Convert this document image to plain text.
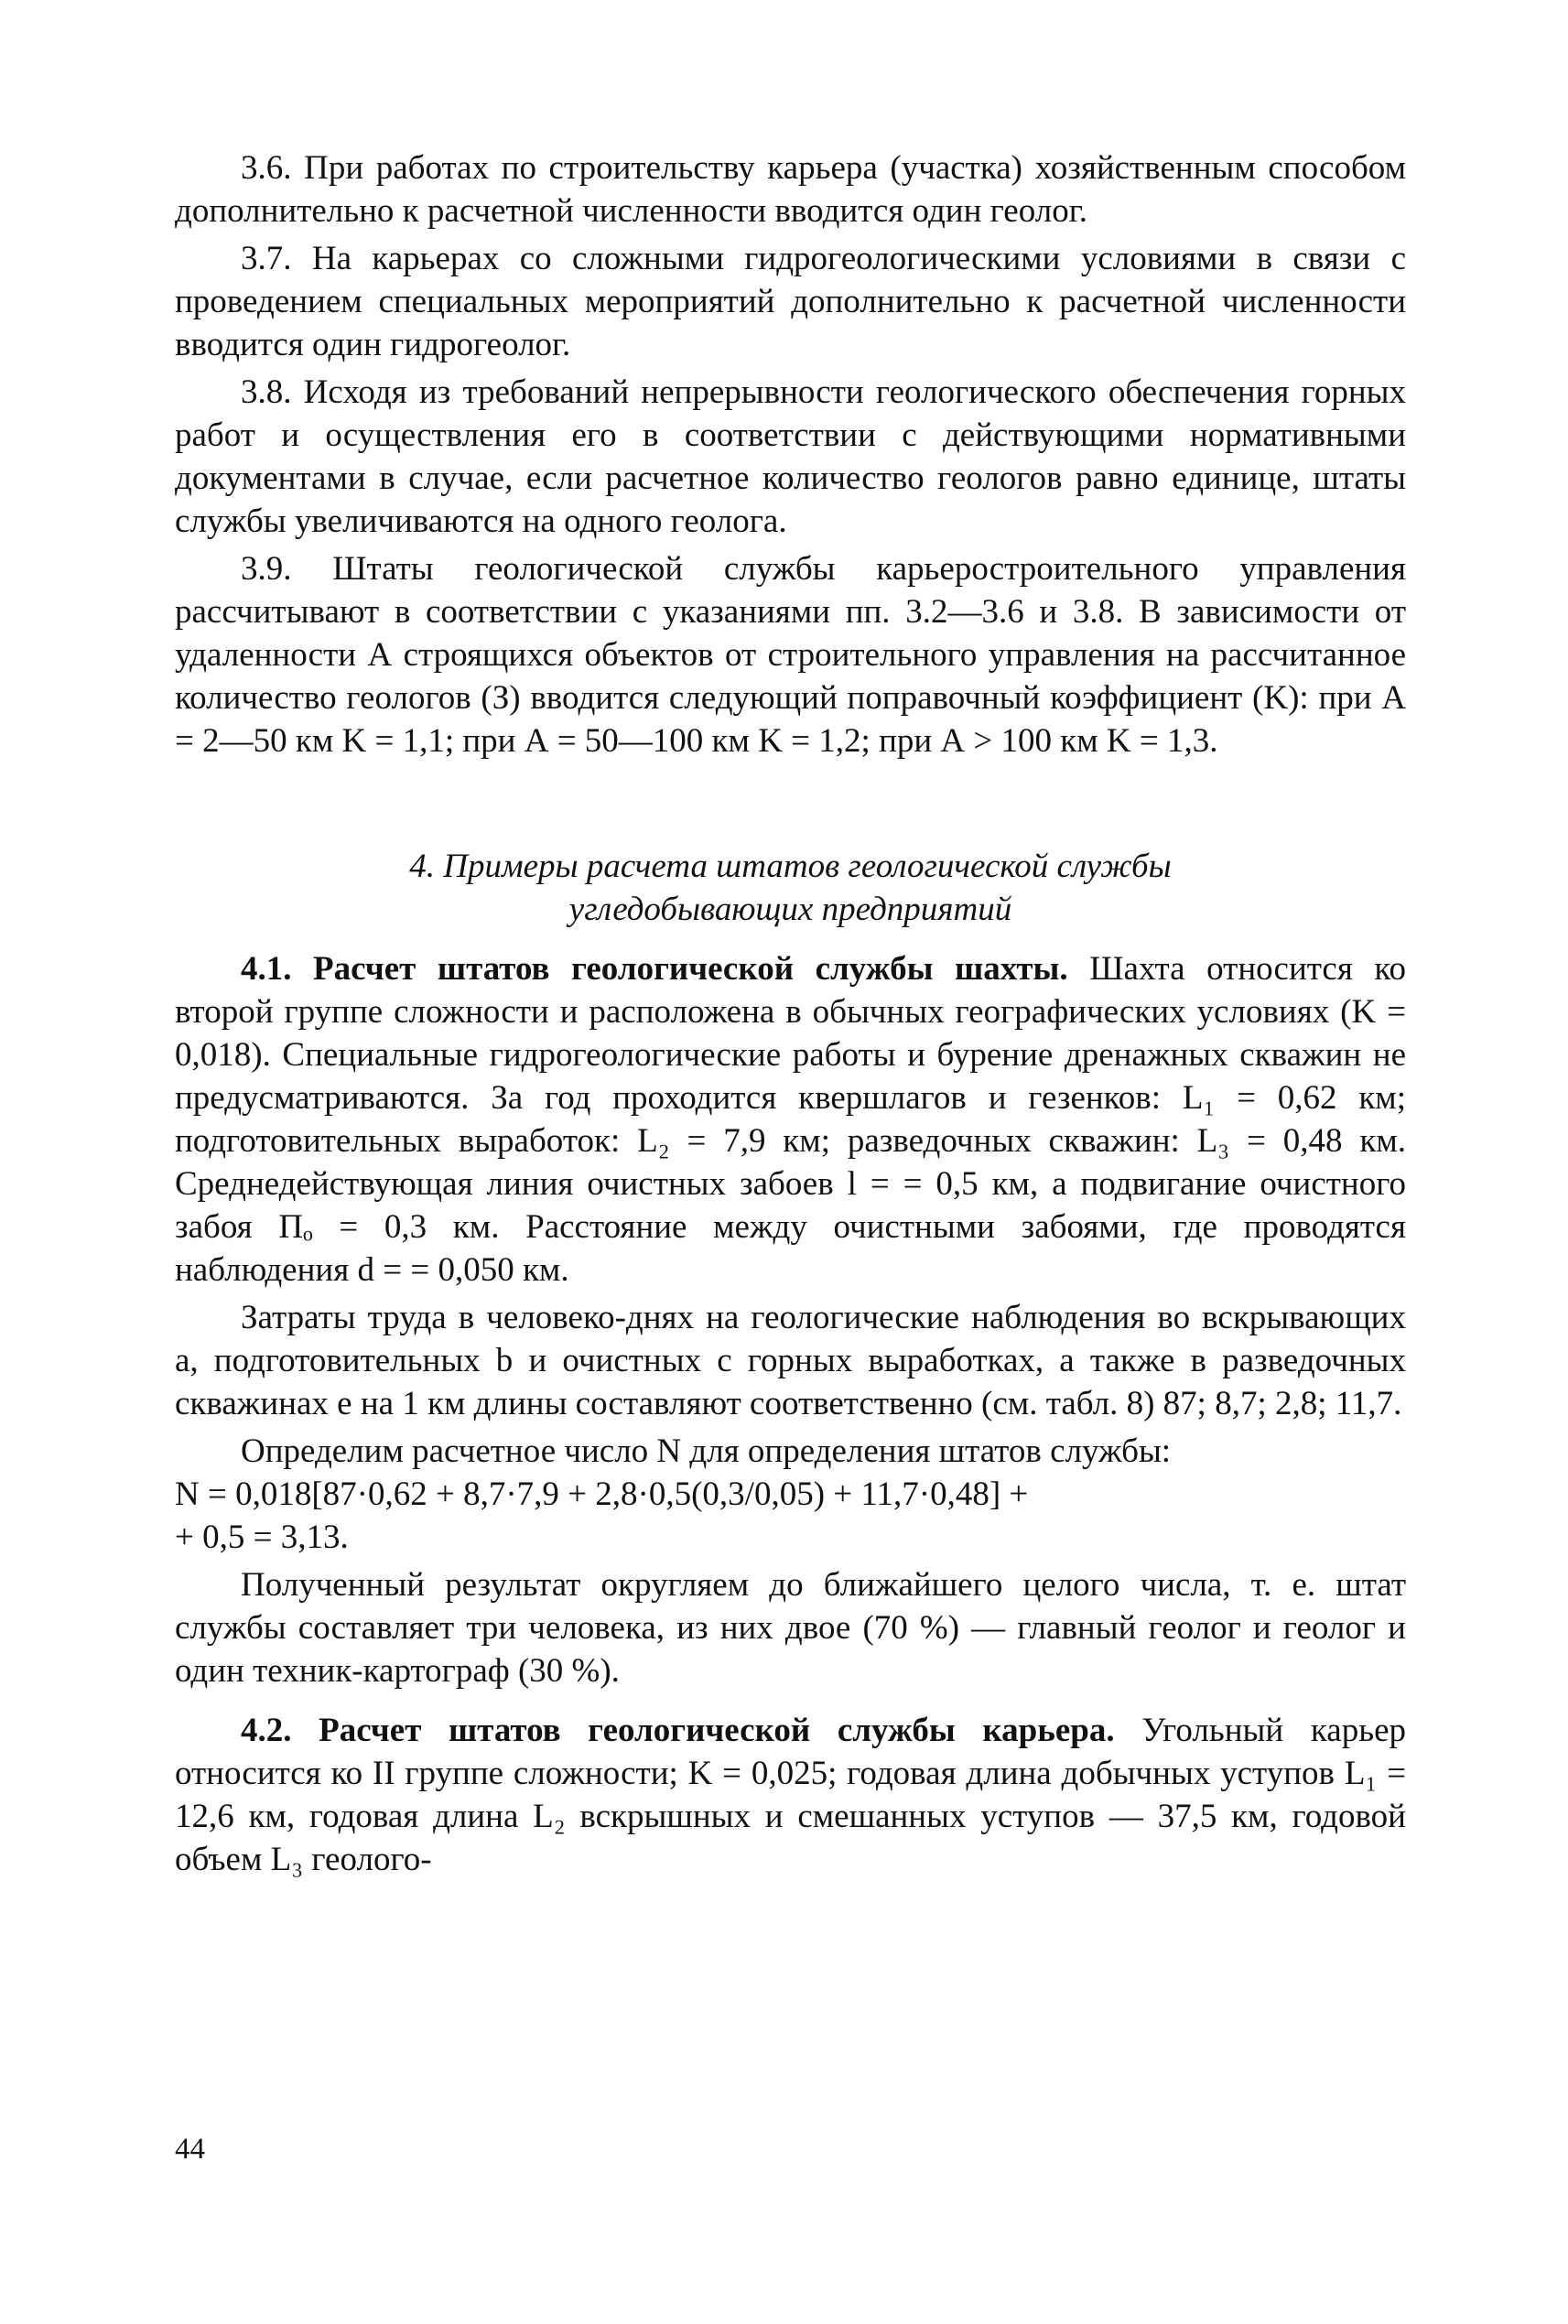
3.6. При работах по строительству карьера (участка) хозяйственным способом дополнительно к расчетной численности вводится один геолог.

3.7. На карьерах со сложными гидрогеологическими условиями в связи с проведением специальных мероприятий дополнительно к расчетной численности вводится один гидрогеолог.

3.8. Исходя из требований непрерывности геологического обеспечения горных работ и осуществления его в соответствии с действующими нормативными документами в случае, если расчетное количество геологов равно единице, штаты службы увеличиваются на одного геолога.

3.9. Штаты геологической службы карьеростроительного управления рассчитывают в соответствии с указаниями пп. 3.2—3.6 и 3.8. В зависимости от удаленности А строящихся объектов от строительного управления на рассчитанное количество геологов (З) вводится следующий поправочный коэффициент (K): при А = 2—50 км K = 1,1; при А = 50—100 км K = 1,2; при А > 100 км K = 1,3.

4. Примеры расчета штатов геологической службы

угледобывающих предприятий

4.1. Расчет штатов геологической службы шахты. Шахта относится ко второй группе сложности и расположена в обычных географических условиях (K = 0,018). Специальные гидрогеологические работы и бурение дренажных скважин не предусматриваются. За год проходится квершлагов и гезенков: L₁ = 0,62 км; подготовительных выработок: L₂ = 7,9 км; разведочных скважин: L₃ = 0,48 км. Среднедействующая линия очистных забоев l = = 0,5 км, а подвигание очистного забоя Пₒ = 0,3 км. Расстояние между очистными забоями, где проводятся наблюдения d = = 0,050 км.

Затраты труда в человеко-днях на геологические наблюдения во вскрывающих a, подготовительных b и очистных c горных выработках, а также в разведочных скважинах e на 1 км длины составляют соответственно (см. табл. 8) 87; 8,7; 2,8; 11,7.

Определим расчетное число N для определения штатов службы:

N = 0,018[87·0,62 + 8,7·7,9 + 2,8·0,5(0,3/0,05) + 11,7·0,48] +

+ 0,5 = 3,13.

Полученный результат округляем до ближайшего целого числа, т. е. штат службы составляет три человека, из них двое (70 %) — главный геолог и геолог и один техник-картограф (30 %).

4.2. Расчет штатов геологической службы карьера. Угольный карьер относится ко II группе сложности; K = 0,025; годовая длина добычных уступов L₁ = 12,6 км, годовая длина L₂ вскрышных и смешанных уступов — 37,5 км, годовой объем L₃ геолого-

44
